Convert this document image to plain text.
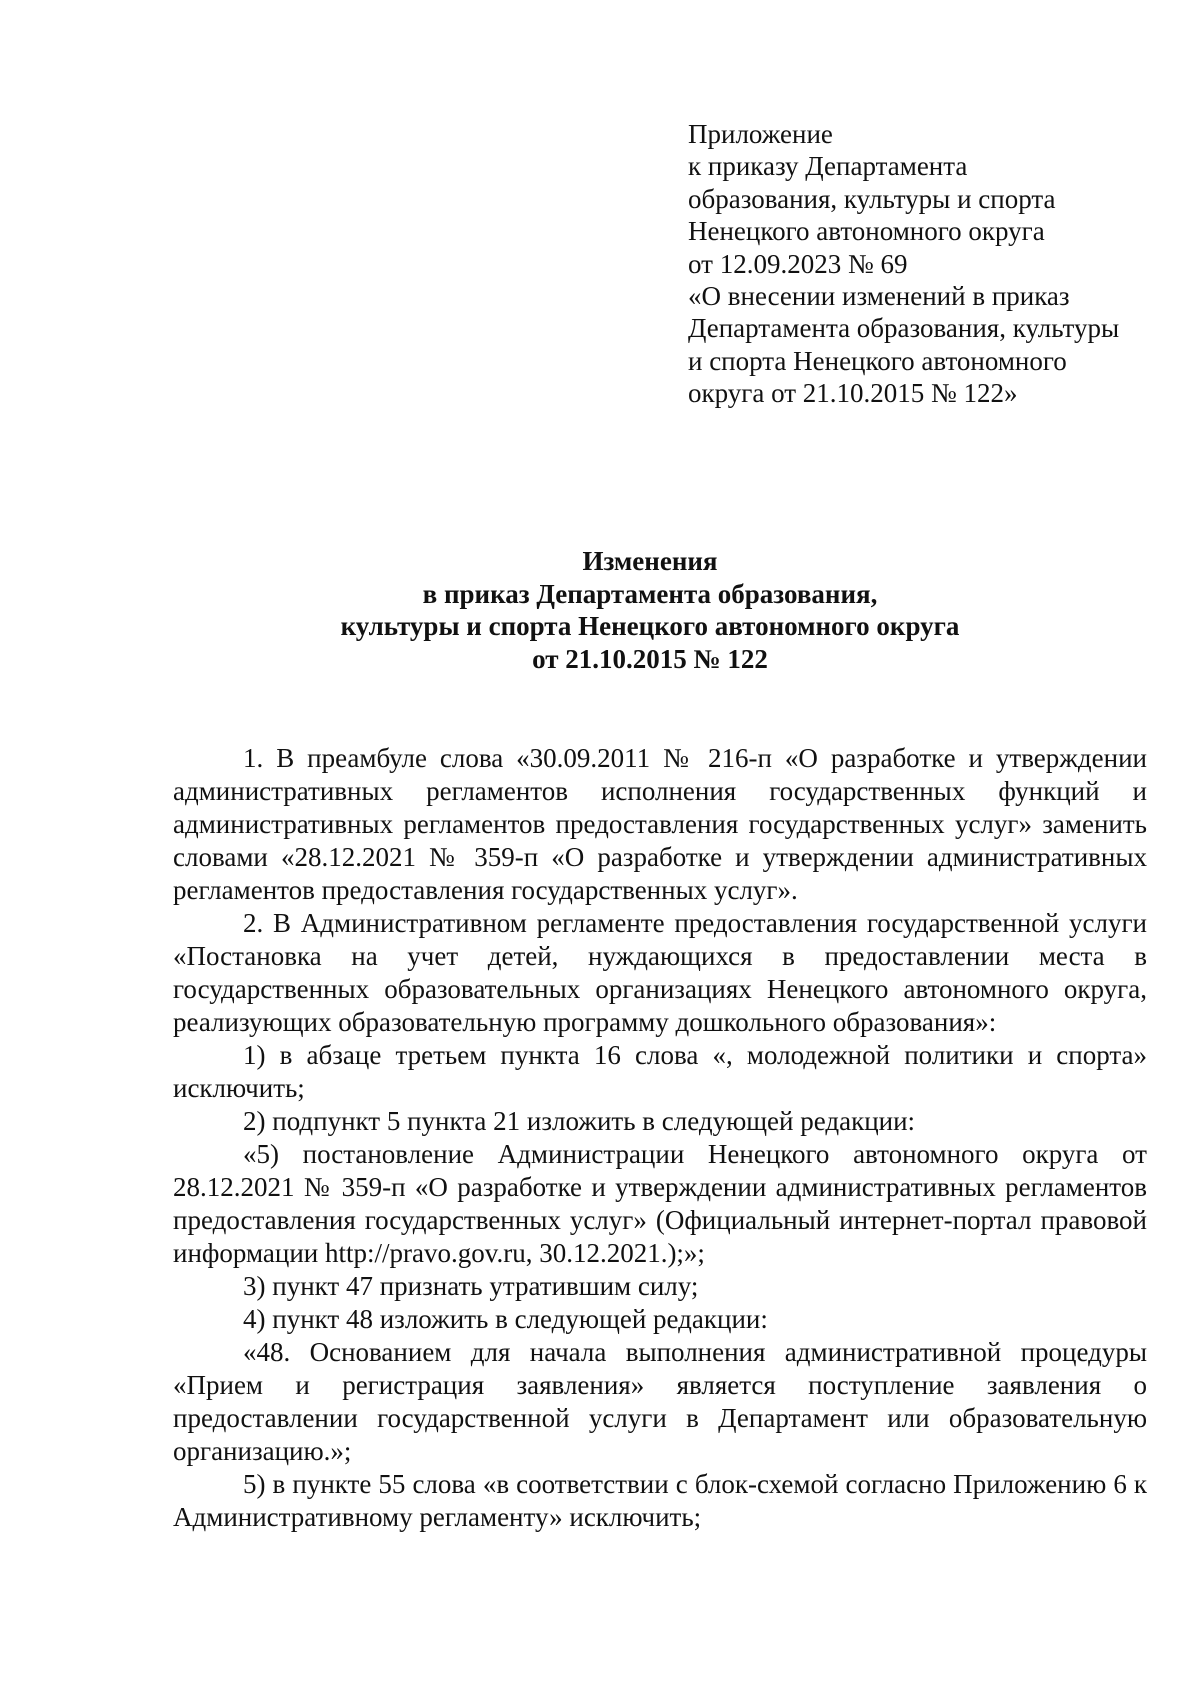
Приложение
к приказу Департамента
образования, культуры и спорта
Ненецкого автономного округа
от 12.09.2023 № 69
«О внесении изменений в приказ
Департамента образования, культуры
и спорта Ненецкого автономного
округа от 21.10.2015 № 122»
Изменения
в приказ Департамента образования,
культуры и спорта Ненецкого автономного округа
от 21.10.2015 № 122

1. В преамбуле слова «30.09.2011 № 216-п «О разработке и утверждении административных регламентов исполнения государственных функций и административных регламентов предоставления государственных услуг» заменить словами «28.12.2021 № 359-п «О разработке и утверждении административных регламентов предоставления государственных услуг».

2. В Административном регламенте предоставления государственной услуги «Постановка на учет детей, нуждающихся в предоставлении места в государственных образовательных организациях Ненецкого автономного округа, реализующих образовательную программу дошкольного образования»:

1) в абзаце третьем пункта 16 слова «, молодежной политики и спорта» исключить;

2) подпункт 5 пункта 21 изложить в следующей редакции:

«5) постановление Администрации Ненецкого автономного округа от 28.12.2021 № 359-п «О разработке и утверждении административных регламентов предоставления государственных услуг» (Официальный интернет-портал правовой информации http://pravo.gov.ru, 30.12.2021.);»;

3) пункт 47 признать утратившим силу;

4) пункт 48 изложить в следующей редакции:

«48. Основанием для начала выполнения административной процедуры «Прием и регистрация заявления» является поступление заявления о предоставлении государственной услуги в Департамент или образовательную организацию.»;

5) в пункте 55 слова «в соответствии с блок-схемой согласно Приложению 6 к Административному регламенту» исключить;
